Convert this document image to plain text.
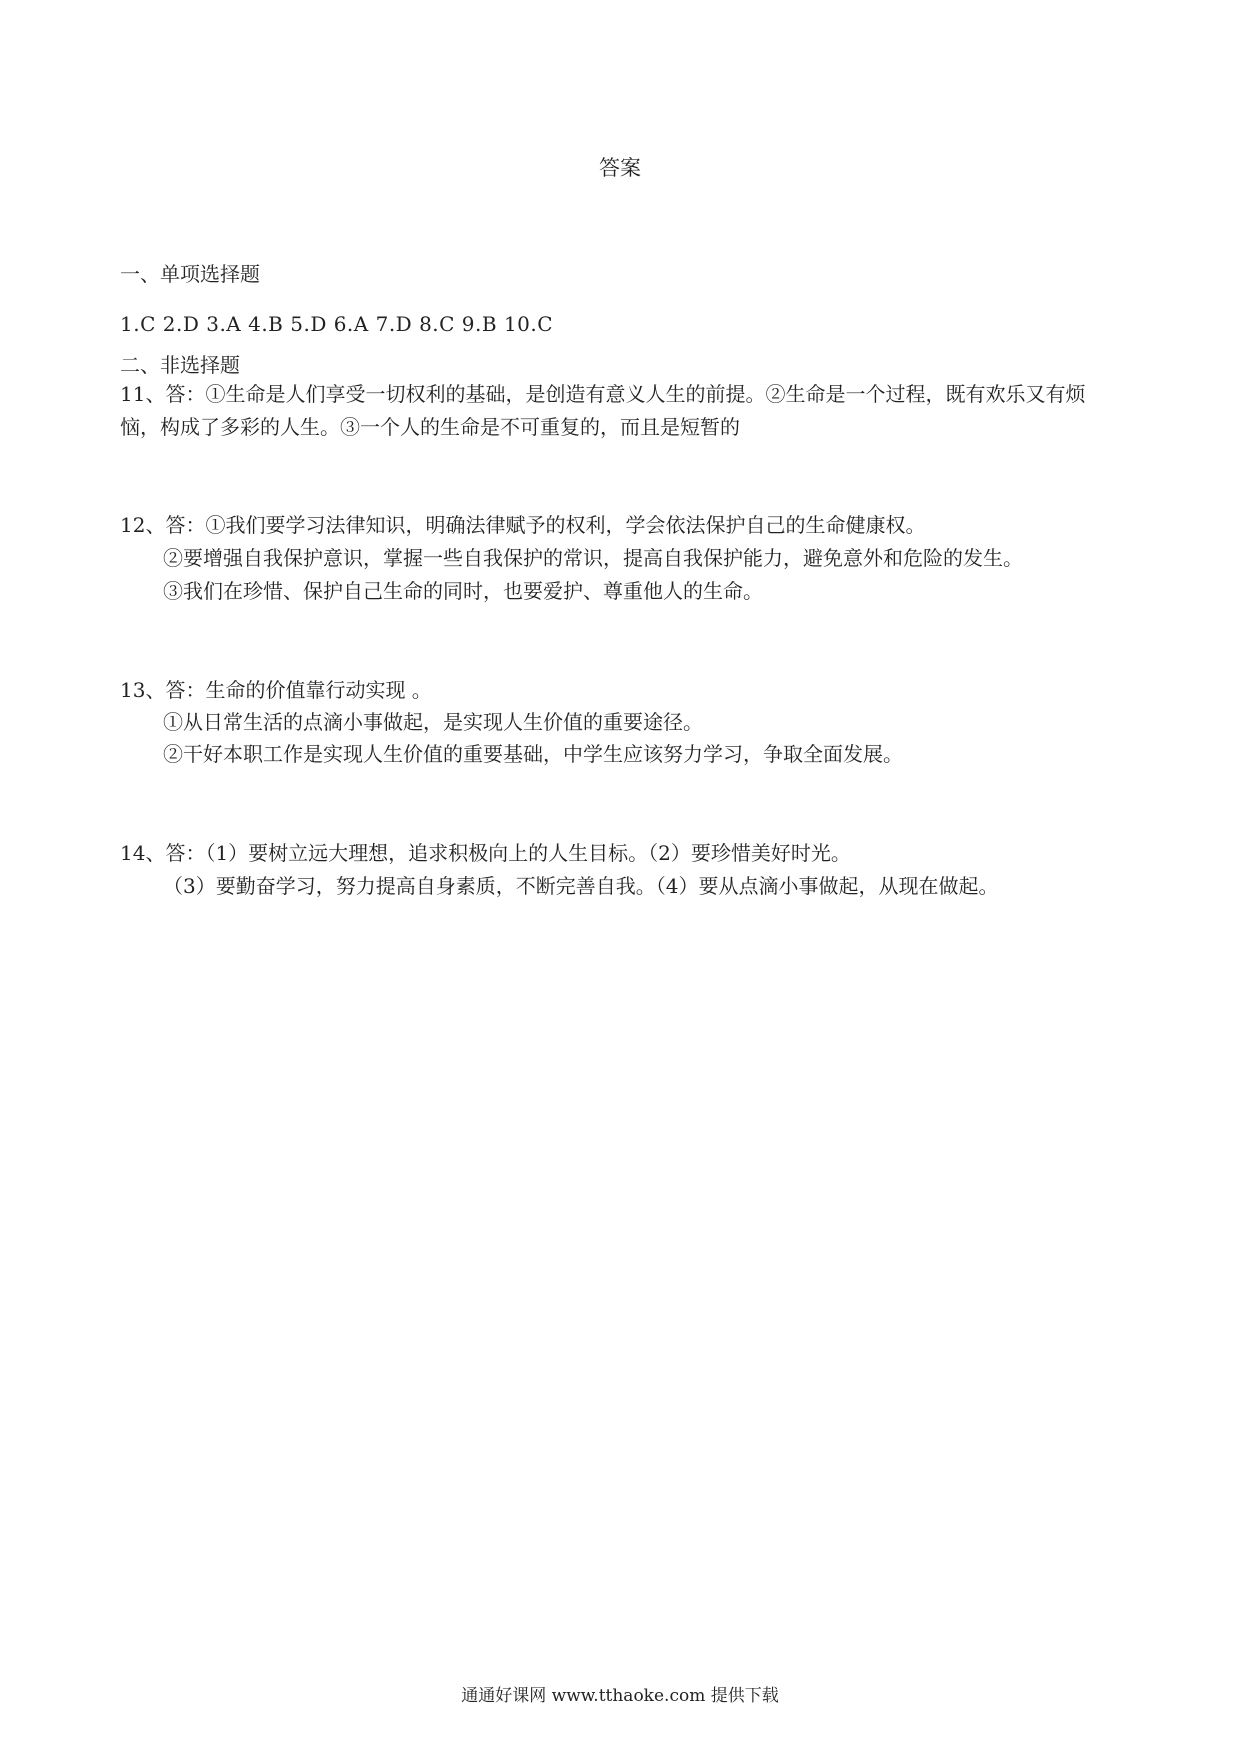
答案
一、单项选择题
1.C 2.D 3.A 4.B 5.D 6.A 7.D 8.C 9.B 10.C
二、非选择题
11、答：①生命是人们享受一切权利的基础，是创造有意义人生的前提。②生命是一个过程，既有欢乐又有烦恼，构成了多彩的人生。③一个人的生命是不可重复的，而且是短暂的
12、答：①我们要学习法律知识，明确法律赋予的权利，学会依法保护自己的生命健康权。
②要增强自我保护意识，掌握一些自我保护的常识，提高自我保护能力，避免意外和危险的发生。
③我们在珍惜、保护自己生命的同时，也要爱护、尊重他人的生命。
13、答：生命的价值靠行动实现 。
①从日常生活的点滴小事做起，是实现人生价值的重要途径。
②干好本职工作是实现人生价值的重要基础，中学生应该努力学习，争取全面发展。
14、答：（1）要树立远大理想，追求积极向上的人生目标。（2）要珍惜美好时光。
（3）要勤奋学习，努力提高自身素质，不断完善自我。（4）要从点滴小事做起，从现在做起。
通通好课网 www.tthaoke.com 提供下载
